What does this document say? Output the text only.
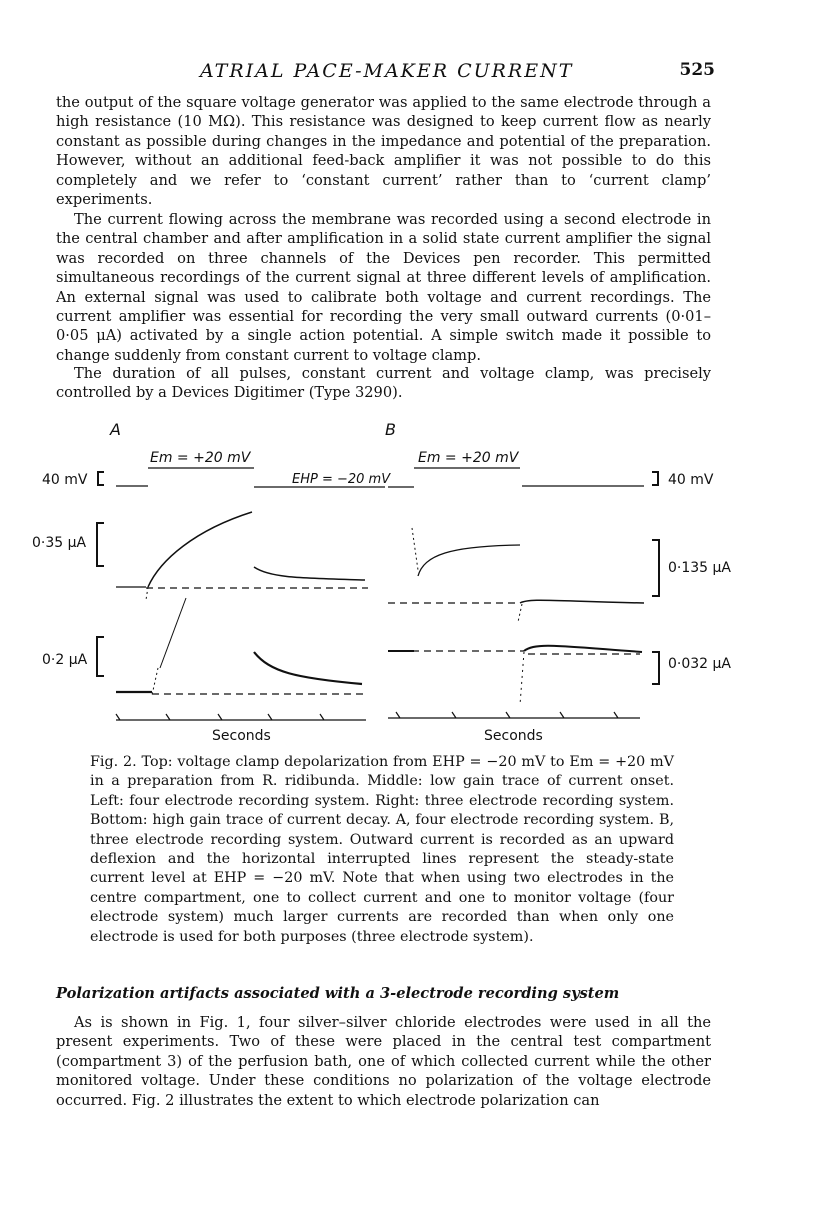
ATRIAL PACE-MAKER CURRENT	525

the output of the square voltage generator was applied to the same electrode through a high resistance (10 MΩ). This resistance was designed to keep current flow as nearly constant as possible during changes in the impedance and potential of the preparation. However, without an additional feed-back amplifier it was not possible to do this completely and we refer to ‘constant current’ rather than to ‘current clamp’ experiments.

The current flowing across the membrane was recorded using a second electrode in the central chamber and after amplification in a solid state current amplifier the signal was recorded on three channels of the Devices pen recorder. This permitted simultaneous recordings of the current signal at three different levels of amplification. An external signal was used to calibrate both voltage and current recordings. The current amplifier was essential for recording the very small outward currents (0·01–0·05 μA) activated by a single action potential. A simple switch made it possible to change suddenly from constant current to voltage clamp.

The duration of all pulses, constant current and voltage clamp, was precisely controlled by a Devices Digitimer (Type 3290).

A	B
Em = +20 mV	Em = +20 mV
EHP = −20 mV
40 mV	40 mV
0·35 μA
0·2 μA
0·135 μA
0·032 μA
Seconds	Seconds

Fig. 2. Top: voltage clamp depolarization from EHP = −20 mV to Em = +20 mV in a preparation from R. ridibunda. Middle: low gain trace of current onset. Left: four electrode recording system. Right: three electrode recording system. Bottom: high gain trace of current decay. A, four electrode recording system. B, three electrode recording system. Outward current is recorded as an upward deflexion and the horizontal interrupted lines represent the steady-state current level at EHP = −20 mV. Note that when using two electrodes in the centre compartment, one to collect current and one to monitor voltage (four electrode system) much larger currents are recorded than when only one electrode is used for both purposes (three electrode system).

Polarization artifacts associated with a 3-electrode recording system

As is shown in Fig. 1, four silver–silver chloride electrodes were used in all the present experiments. Two of these were placed in the central test compartment (compartment 3) of the perfusion bath, one of which collected current while the other monitored voltage. Under these conditions no polarization of the voltage electrode occurred. Fig. 2 illustrates the extent to which electrode polarization can
